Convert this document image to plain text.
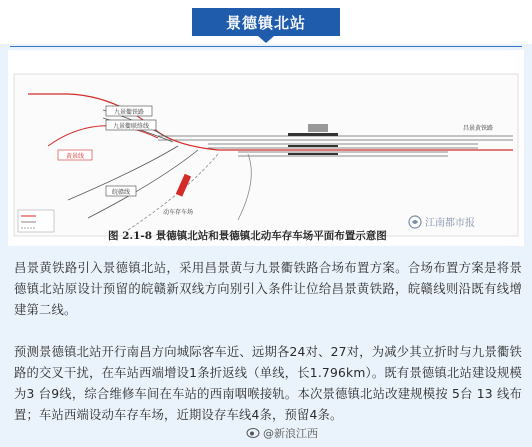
景德镇北站
九景衢铁路
九景衢联络线
黄景线
皖赣线
动车存车场
昌景黄铁路
江南都市报
图 2.1-8 景德镇北站和景德镇北动车存车场平面布置示意图
昌景黄铁路引入景德镇北站，采用昌景黄与九景衢铁路合场布置方案。合场布置方案是将景德镇北站原设计预留的皖赣新双线方向别引入条件让位给昌景黄铁路，皖赣线则沿既有线增建第二线。
预测景德镇北站开行南昌方向城际客车近、远期各24对、27对，为减少其立折时与九景衢铁路的交叉干扰，在车站西端增设1条折返线（单线，长1.796km）。既有景德镇北站建设规模为3 台9线，综合维修车间在车站的西南咽喉接轨。本次景德镇北站改建规模按 5台 13 线布置；车站西端设动车存车场，近期设存车线4条，预留4条。
@新浪江西
